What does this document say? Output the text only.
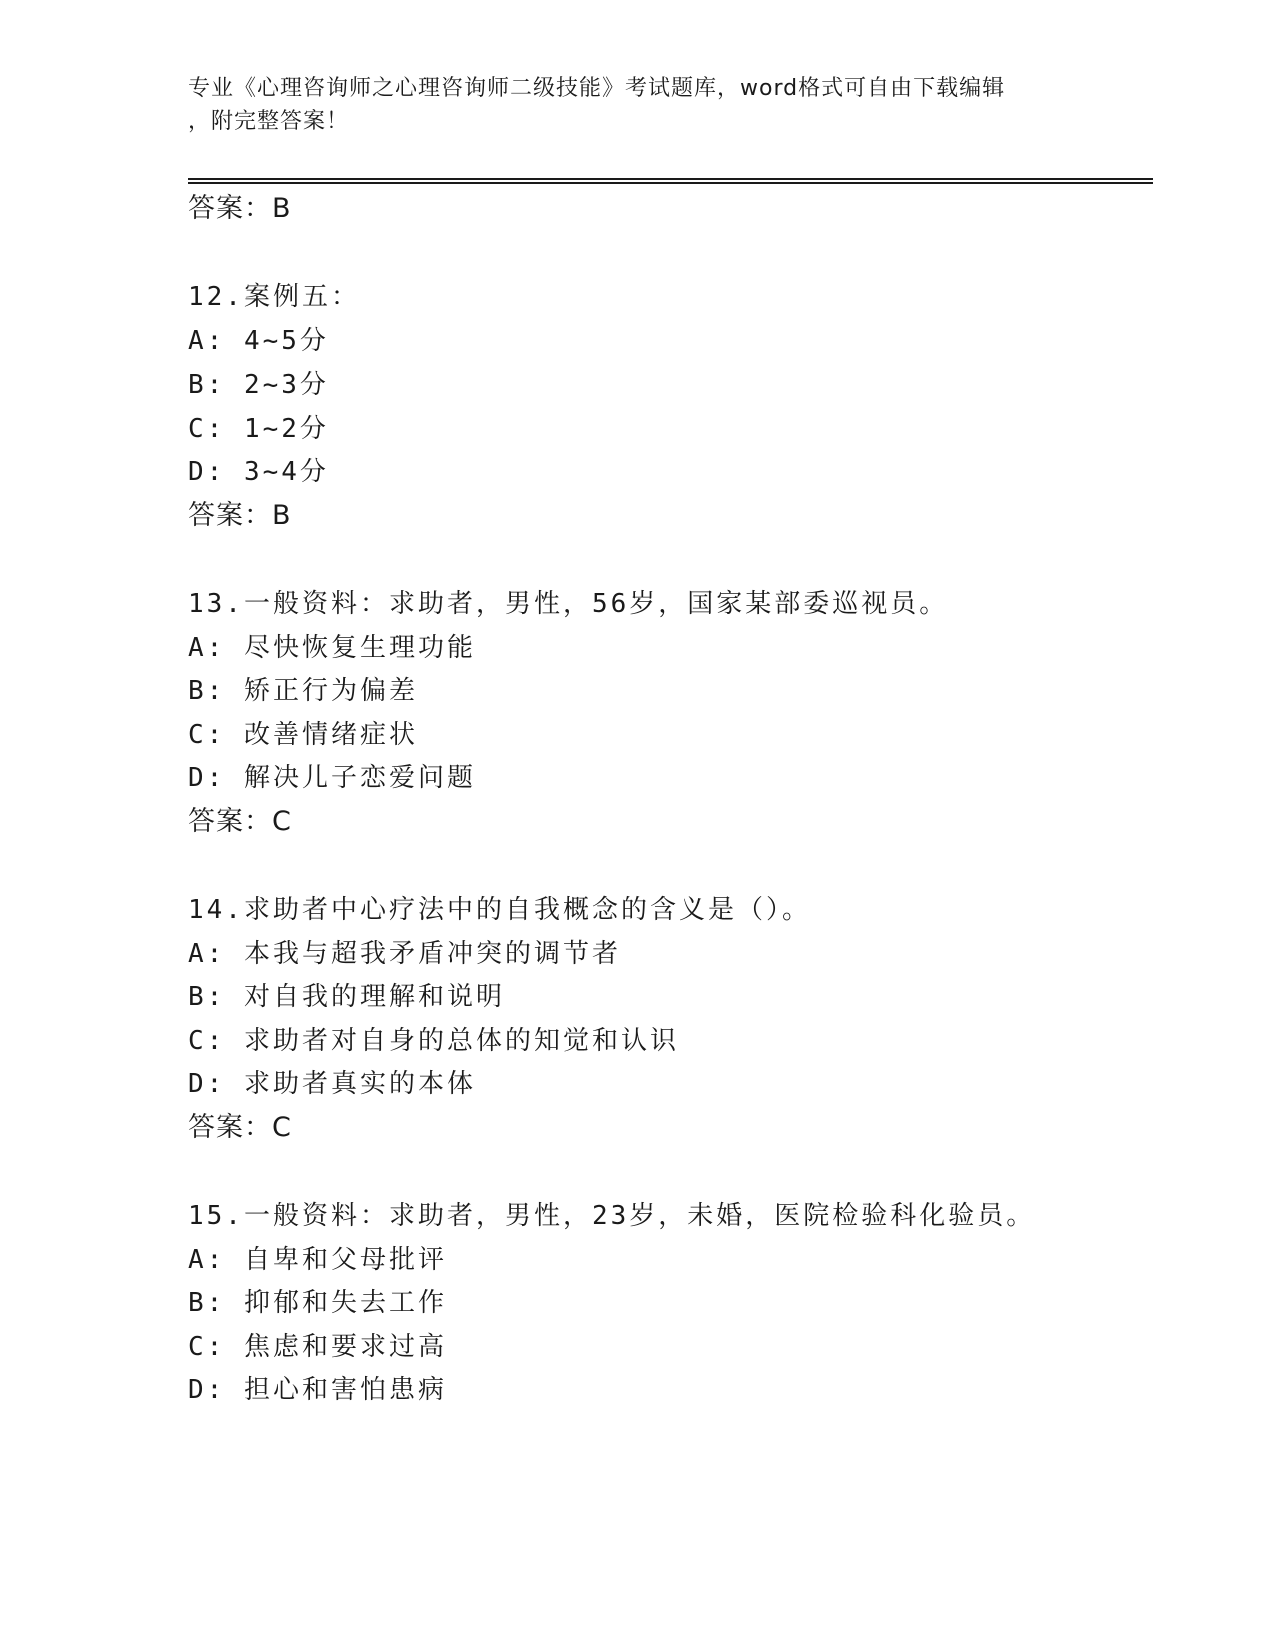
专业《心理咨询师之心理咨询师二级技能》考试题库，word格式可自由下载编辑
，附完整答案！
答案：B
12.案例五：
A: 4~5分
B: 2~3分
C: 1~2分
D: 3~4分
答案：B
13.一般资料：求助者，男性，56岁，国家某部委巡视员。
A: 尽快恢复生理功能
B: 矫正行为偏差
C: 改善情绪症状
D: 解决儿子恋爱问题
答案：C
14.求助者中心疗法中的自我概念的含义是（）。
A: 本我与超我矛盾冲突的调节者
B: 对自我的理解和说明
C: 求助者对自身的总体的知觉和认识
D: 求助者真实的本体
答案：C
15.一般资料：求助者，男性，23岁，未婚，医院检验科化验员。
A: 自卑和父母批评
B: 抑郁和失去工作
C: 焦虑和要求过高
D: 担心和害怕患病
